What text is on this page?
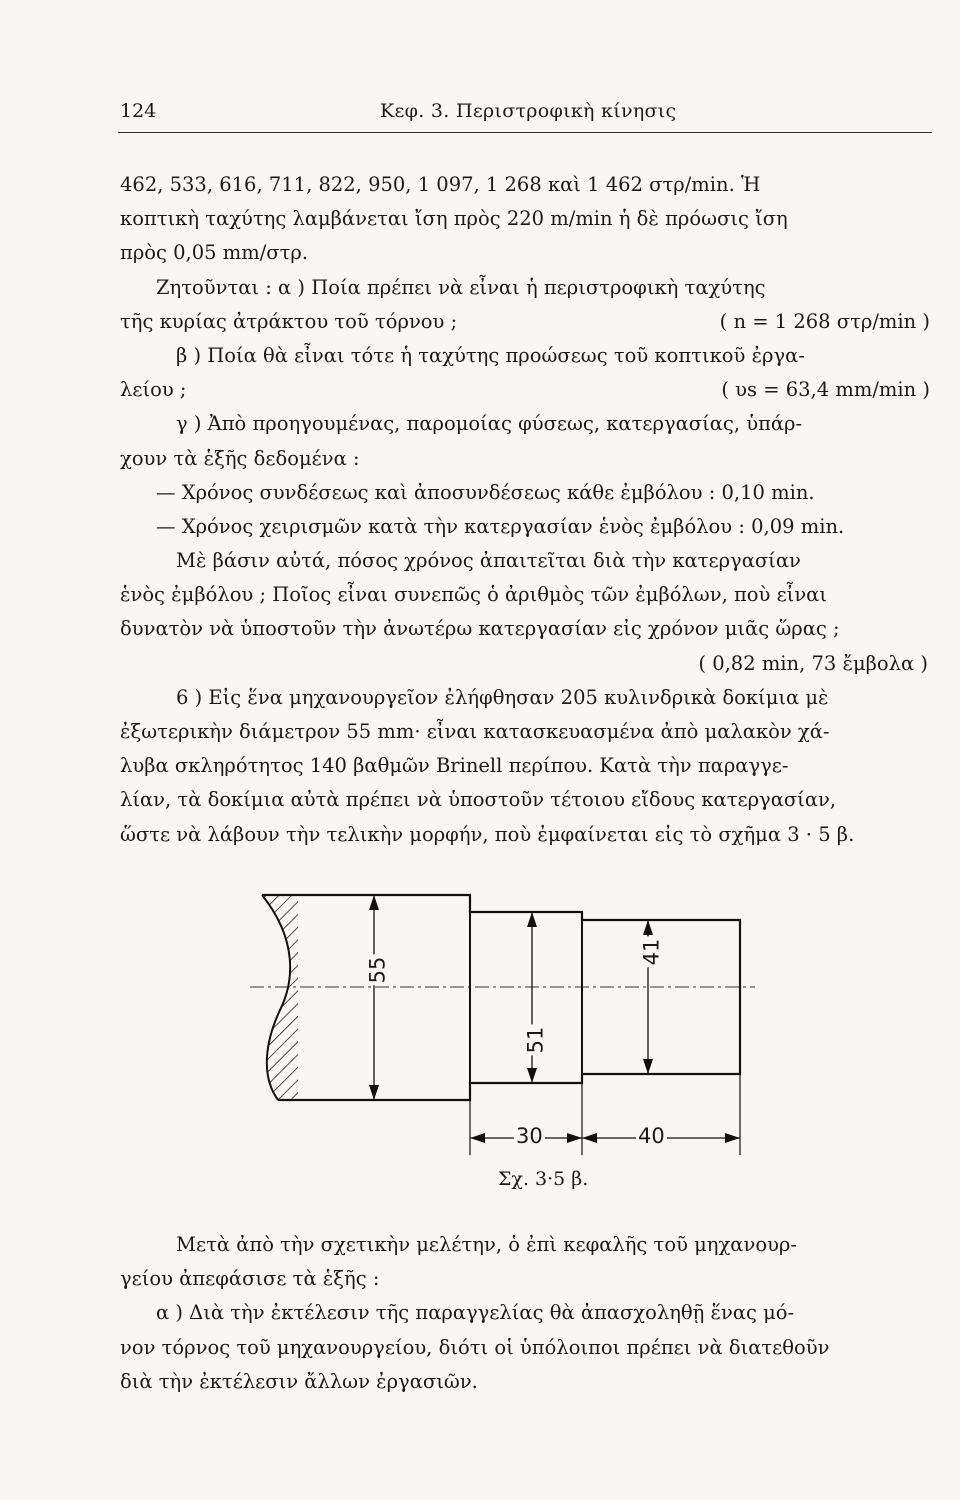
124	Κεφ. 3. Περιστροφικὴ κίνησις
462, 533, 616, 711, 822, 950, 1 097, 1 268 καὶ 1 462 στρ/min. Ἡ
κοπτικὴ ταχύτης λαμβάνεται ἴση πρὸς 220 m/min ἡ δὲ πρόωσις ἴση
πρὸς 0,05 mm/στρ.
Ζητοῦνται : α ) Ποία πρέπει νὰ εἶναι ἡ περιστροφικὴ ταχύτης
τῆς κυρίας ἀτράκτου τοῦ τόρνου ;	( n = 1 268 στρ/min )
β ) Ποία θὰ εἶναι τότε ἡ ταχύτης προώσεως τοῦ κοπτικοῦ ἐργα-
λείου ;	( υs = 63,4 mm/min )
γ ) Ἀπὸ προηγουμένας, παρομοίας φύσεως, κατεργασίας, ὑπάρ-
χουν τὰ ἑξῆς δεδομένα :
— Χρόνος συνδέσεως καὶ ἀποσυνδέσεως κάθε ἐμβόλου : 0,10 min.
— Χρόνος χειρισμῶν κατὰ τὴν κατεργασίαν ἑνὸς ἐμβόλου : 0,09 min.
Μὲ βάσιν αὐτά, πόσος χρόνος ἀπαιτεῖται διὰ τὴν κατεργασίαν
ἑνὸς ἐμβόλου ; Ποῖος εἶναι συνεπῶς ὁ ἀριθμὸς τῶν ἐμβόλων, ποὺ εἶναι
δυνατὸν νὰ ὑποστοῦν τὴν ἀνωτέρω κατεργασίαν εἰς χρόνον μιᾶς ὥρας ;
( 0,82 min, 73 ἔμβολα )
6 ) Εἰς ἕνα μηχανουργεῖον ἐλήφθησαν 205 κυλινδρικὰ δοκίμια μὲ
ἐξωτερικὴν διάμετρον 55 mm· εἶναι κατασκευασμένα ἀπὸ μαλακὸν χά-
λυβα σκληρότητος 140 βαθμῶν Brinell περίπου. Κατὰ τὴν παραγγε-
λίαν, τὰ δοκίμια αὐτὰ πρέπει νὰ ὑποστοῦν τέτοιου εἴδους κατεργασίαν,
ὥστε νὰ λάβουν τὴν τελικὴν μορφήν, ποὺ ἐμφαίνεται εἰς τὸ σχῆμα 3 · 5 β.
55
51
41
30	40
Σχ. 3·5 β.
Μετὰ ἀπὸ τὴν σχετικὴν μελέτην, ὁ ἐπὶ κεφαλῆς τοῦ μηχανουρ-
γείου ἀπεφάσισε τὰ ἑξῆς :
α ) Διὰ τὴν ἐκτέλεσιν τῆς παραγγελίας θὰ ἀπασχοληθῇ ἕνας μό-
νον τόρνος τοῦ μηχανουργείου, διότι οἱ ὑπόλοιποι πρέπει νὰ διατεθοῦν
διὰ τὴν ἐκτέλεσιν ἄλλων ἐργασιῶν.
